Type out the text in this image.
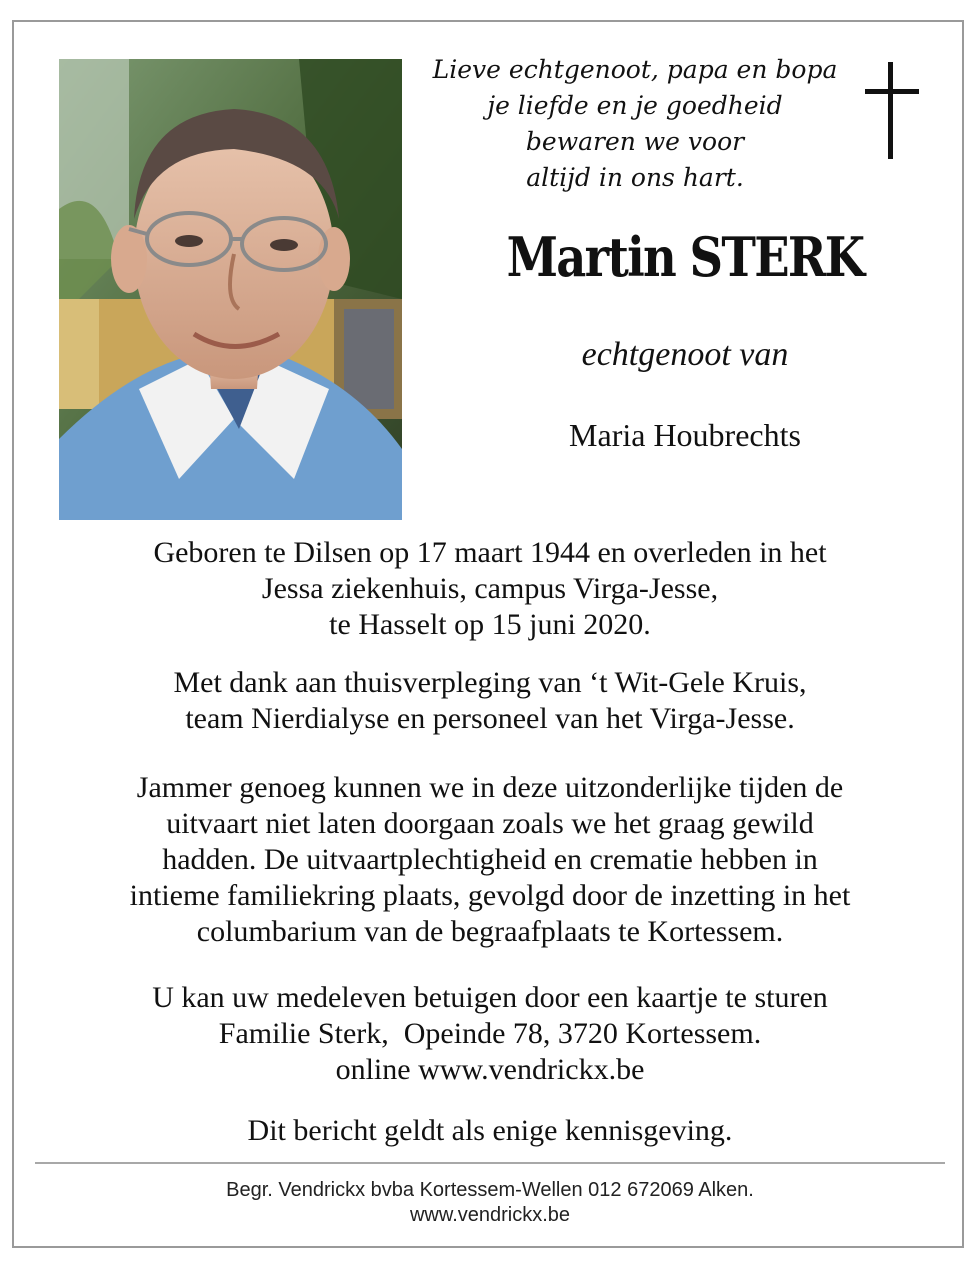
Lieve echtgenoot, papa en bopa
je liefde en je goedheid
bewaren we voor
altijd in ons hart.
Martin STERK
echtgenoot van
Maria Houbrechts
Geboren te Dilsen op 17 maart 1944 en overleden in het
Jessa ziekenhuis, campus Virga-Jesse,
te Hasselt op 15 juni 2020.
Met dank aan thuisverpleging van ‘t Wit-Gele Kruis,
team Nierdialyse en personeel van het Virga-Jesse.
Jammer genoeg kunnen we in deze uitzonderlijke tijden de
uitvaart niet laten doorgaan zoals we het graag gewild
hadden. De uitvaartplechtigheid en crematie hebben in
intieme familiekring plaats, gevolgd door de inzetting in het
columbarium van de begraafplaats te Kortessem.
U kan uw medeleven betuigen door een kaartje te sturen
Familie Sterk,  Opeinde 78, 3720 Kortessem.
online www.vendrickx.be
Dit bericht geldt als enige kennisgeving.
Begr. Vendrickx bvba Kortessem-Wellen 012 672069 Alken.
www.vendrickx.be
